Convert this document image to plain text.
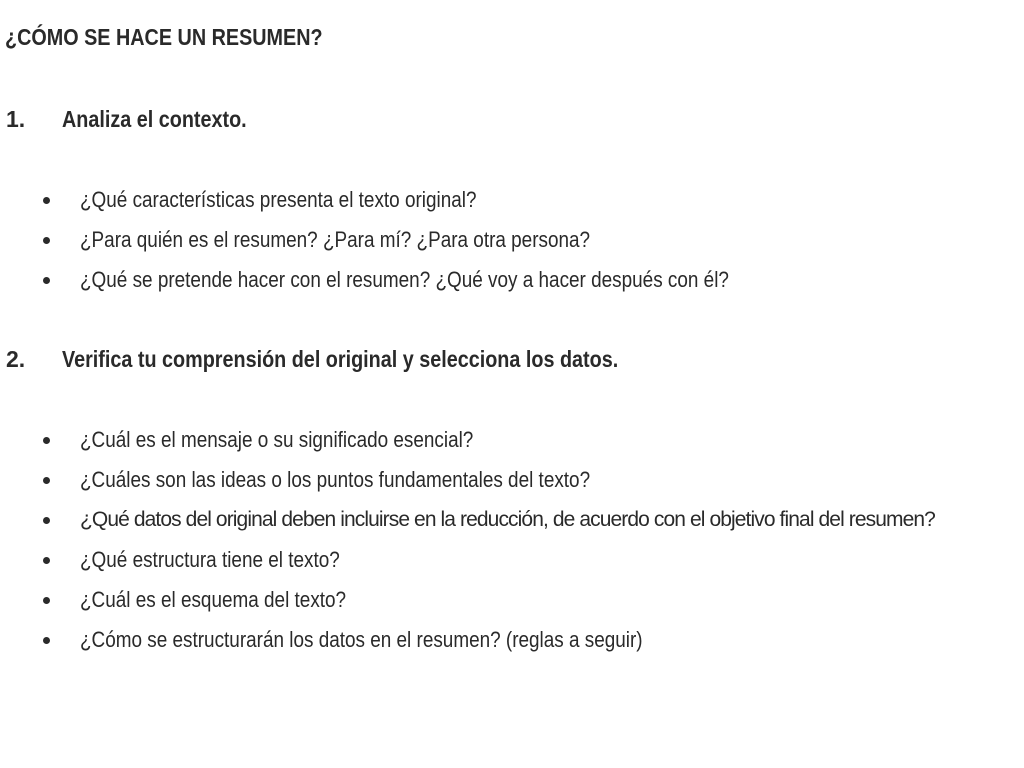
¿CÓMO SE HACE UN RESUMEN?
1. Analiza el contexto.
¿Qué características presenta el texto original?
¿Para quién es el resumen? ¿Para mí? ¿Para otra persona?
¿Qué se pretende hacer con el resumen? ¿Qué voy a hacer después con él?
2. Verifica tu comprensión del original y selecciona los datos.
¿Cuál es el mensaje o su significado esencial?
¿Cuáles son las ideas o los puntos fundamentales del texto?
¿Qué datos del original deben incluirse en la reducción, de acuerdo con el objetivo final del resumen?
¿Qué estructura tiene el texto?
¿Cuál es el esquema del texto?
¿Cómo se estructurarán los datos en el resumen? (reglas a seguir)
